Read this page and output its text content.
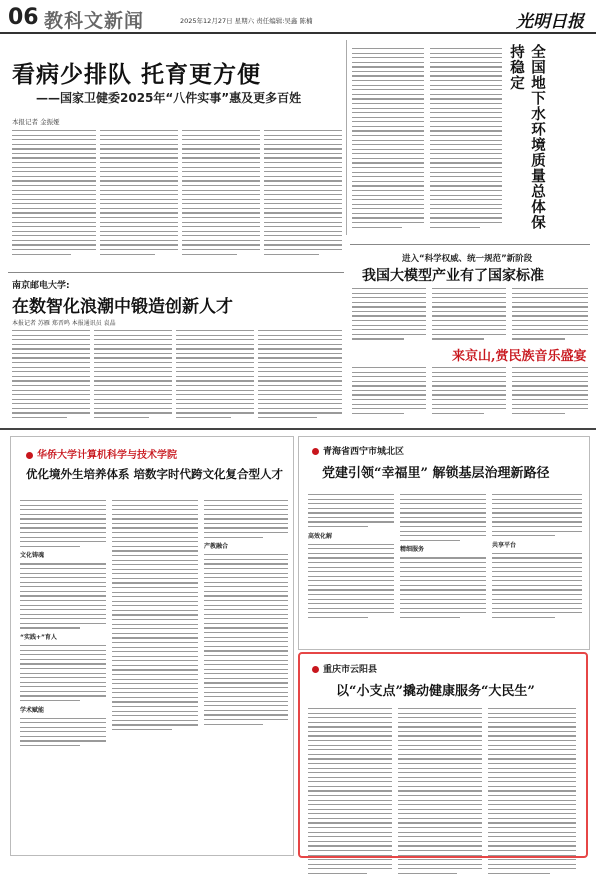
06 教科文新闻	2025年12月27日 星期六 责任编辑:吴鑫 陈楠	光明日报
看病少排队 托育更方便
——国家卫健委2025年“八件实事”惠及更多百姓
本报记者 金振娅	全国地下水环境质量总体保持稳定
进入“科学权威、统一规范”新阶段
我国大模型产业有了国家标准
来京山,赏民族音乐盛宴
南京邮电大学:
在数智化浪潮中锻造创新人才
本报记者 苏雁 郑晋鸣 本报通讯员 袁晶
华侨大学计算机科学与技术学院
优化境外生培养体系 培数字时代跨文化复合型人才
文化铸魂
“实践+”育人
学术赋能
产教融合
青海省西宁市城北区
党建引领“幸福里” 解锁基层治理新路径
高效化解
精细服务
共享平台
重庆市云阳县
以“小支点”撬动健康服务“大民生”
